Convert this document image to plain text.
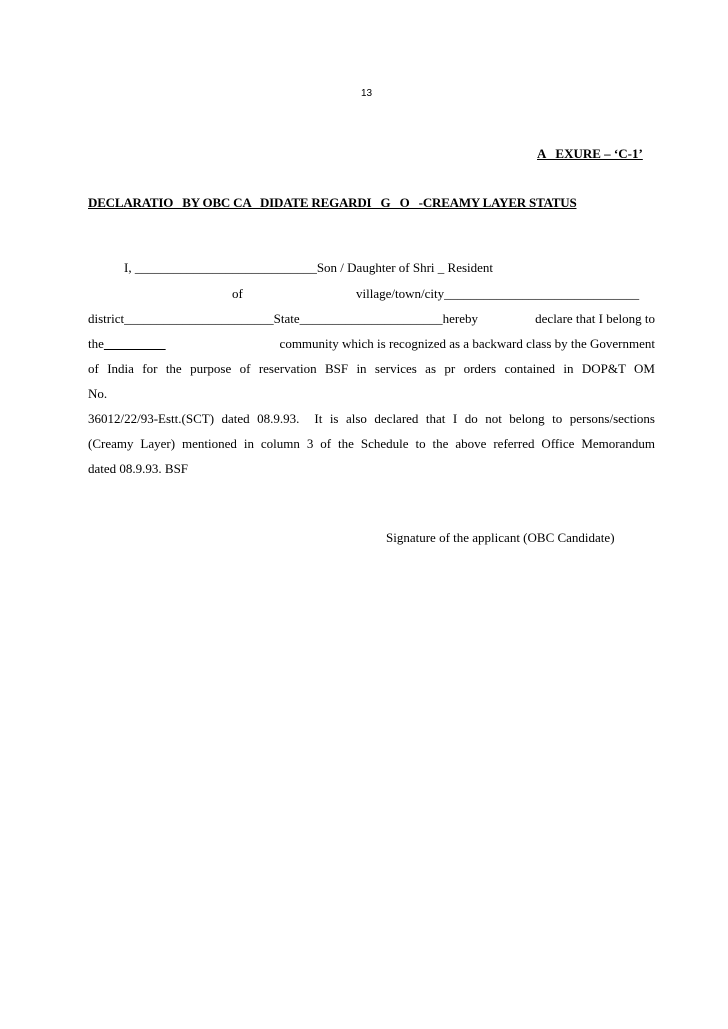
13
A   EXURE – ‘C-1’
DECLARATIO   BY OBC CA   DIDATE REGARDI   G   O   -CREAMY LAYER STATUS
I, ____________________________Son / Daughter of Shri _ Resident
of	village/town/city______________________________
district_______________________State______________________hereby	declare that I belong to
the	community which is recognized as a backward class by the Government
of India for the purpose of reservation BSF in services as pr orders contained in DOP&T OM
No.
36012/22/93-Estt.(SCT) dated 08.9.93.  It is also declared that I do not belong to persons/sections
(Creamy Layer) mentioned in column 3 of the Schedule to the above referred Office Memorandum
dated 08.9.93. BSF
Signature of the applicant (OBC Candidate)
